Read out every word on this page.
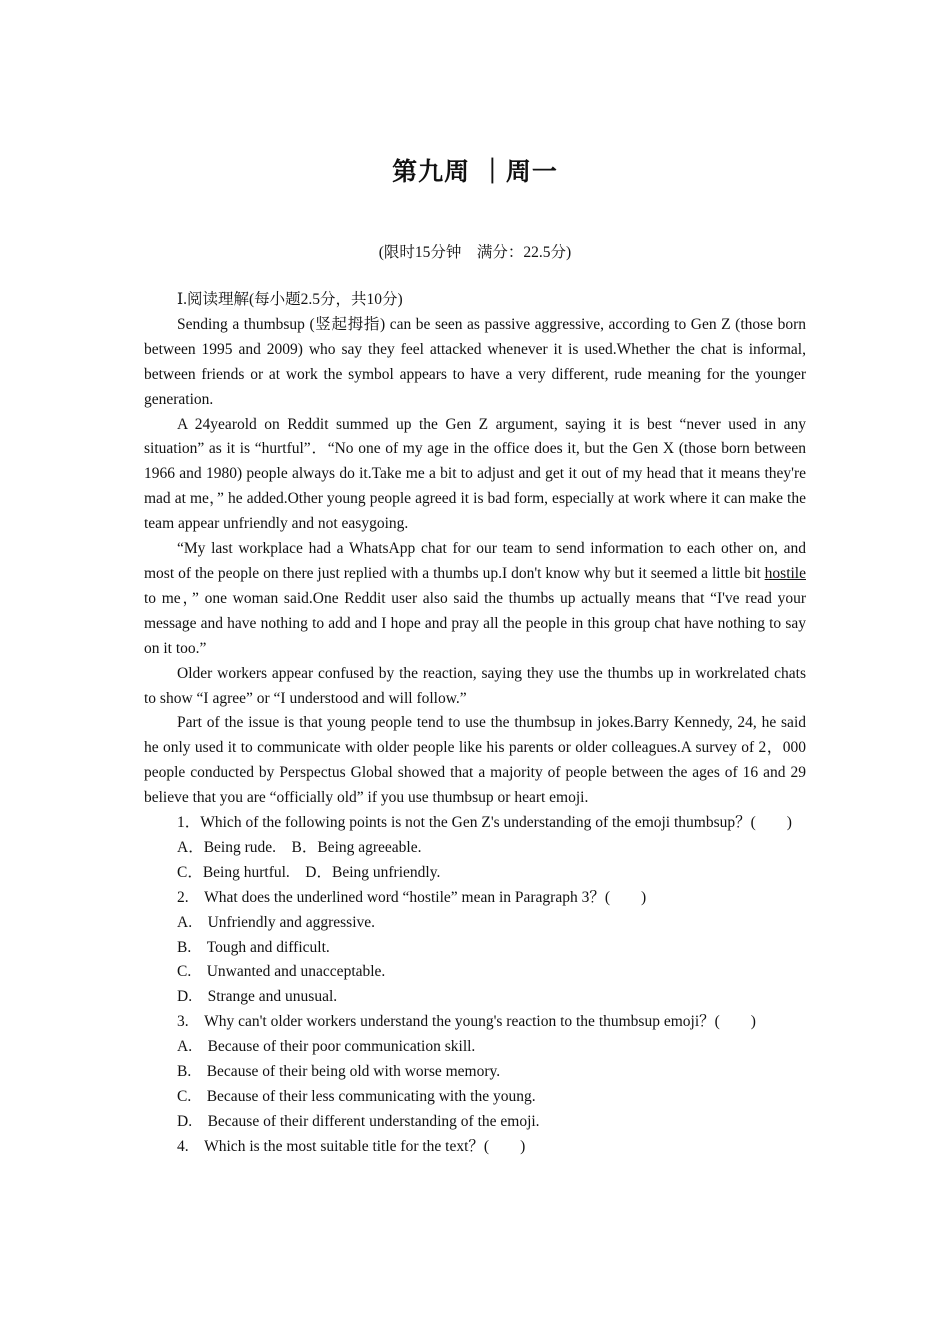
第九周 ｜周一
(限时15分钟　满分：22.5分)

Ⅰ.阅读理解(每小题2.5分，共10分)

Sending a thumbsup (竖起拇指) can be seen as passive aggressive, according to Gen Z (those born between 1995 and 2009) who say they feel attacked whenever it is used.Whether the chat is informal, between friends or at work the symbol appears to have a very different, rude meaning for the younger generation.

A 24yearold on Reddit summed up the Gen Z argument, saying it is best “never used in any situation” as it is “hurtful”．“No one of my age in the office does it, but the Gen X (those born between 1966 and 1980) people always do it.Take me a bit to adjust and get it out of my head that it means they're mad at me，” he added.Other young people agreed it is bad form, especially at work where it can make the team appear unfriendly and not easygoing.

“My last workplace had a WhatsApp chat for our team to send information to each other on, and most of the people on there just replied with a thumbs up.I don't know why but it seemed a little bit hostile to me，” one woman said.One Reddit user also said the thumbs up actually means that “I've read your message and have nothing to add and I hope and pray all the people in this group chat have nothing to say on it too.”

Older workers appear confused by the reaction, saying they use the thumbs up in workrelated chats to show “I agree” or “I understood and will follow.”

Part of the issue is that young people tend to use the thumbsup in jokes.Barry Kennedy, 24, he said he only used it to communicate with older people like his parents or older colleagues.A survey of 2，000 people conducted by Perspectus Global showed that a majority of people between the ages of 16 and 29 believe that you are “officially old” if you use thumbsup or heart emoji.

1．Which of the following points is not the Gen Z's understanding of the emoji thumbsup？(　　)

A．Being rude.　B．Being agreeable.
C．Being hurtful.　D．Being unfriendly.

2.　What does the underlined word “hostile” mean in Paragraph 3？(　　)

A.　Unfriendly and aggressive.
B.　Tough and difficult.
C.　Unwanted and unacceptable.
D.　Strange and unusual.

3.　Why can't older workers understand the young's reaction to the thumbsup emoji？(　　)

A.　Because of their poor communication skill.
B.　Because of their being old with worse memory.
C.　Because of their less communicating with the young.
D.　Because of their different understanding of the emoji.

4.　Which is the most suitable title for the text？(　　)
